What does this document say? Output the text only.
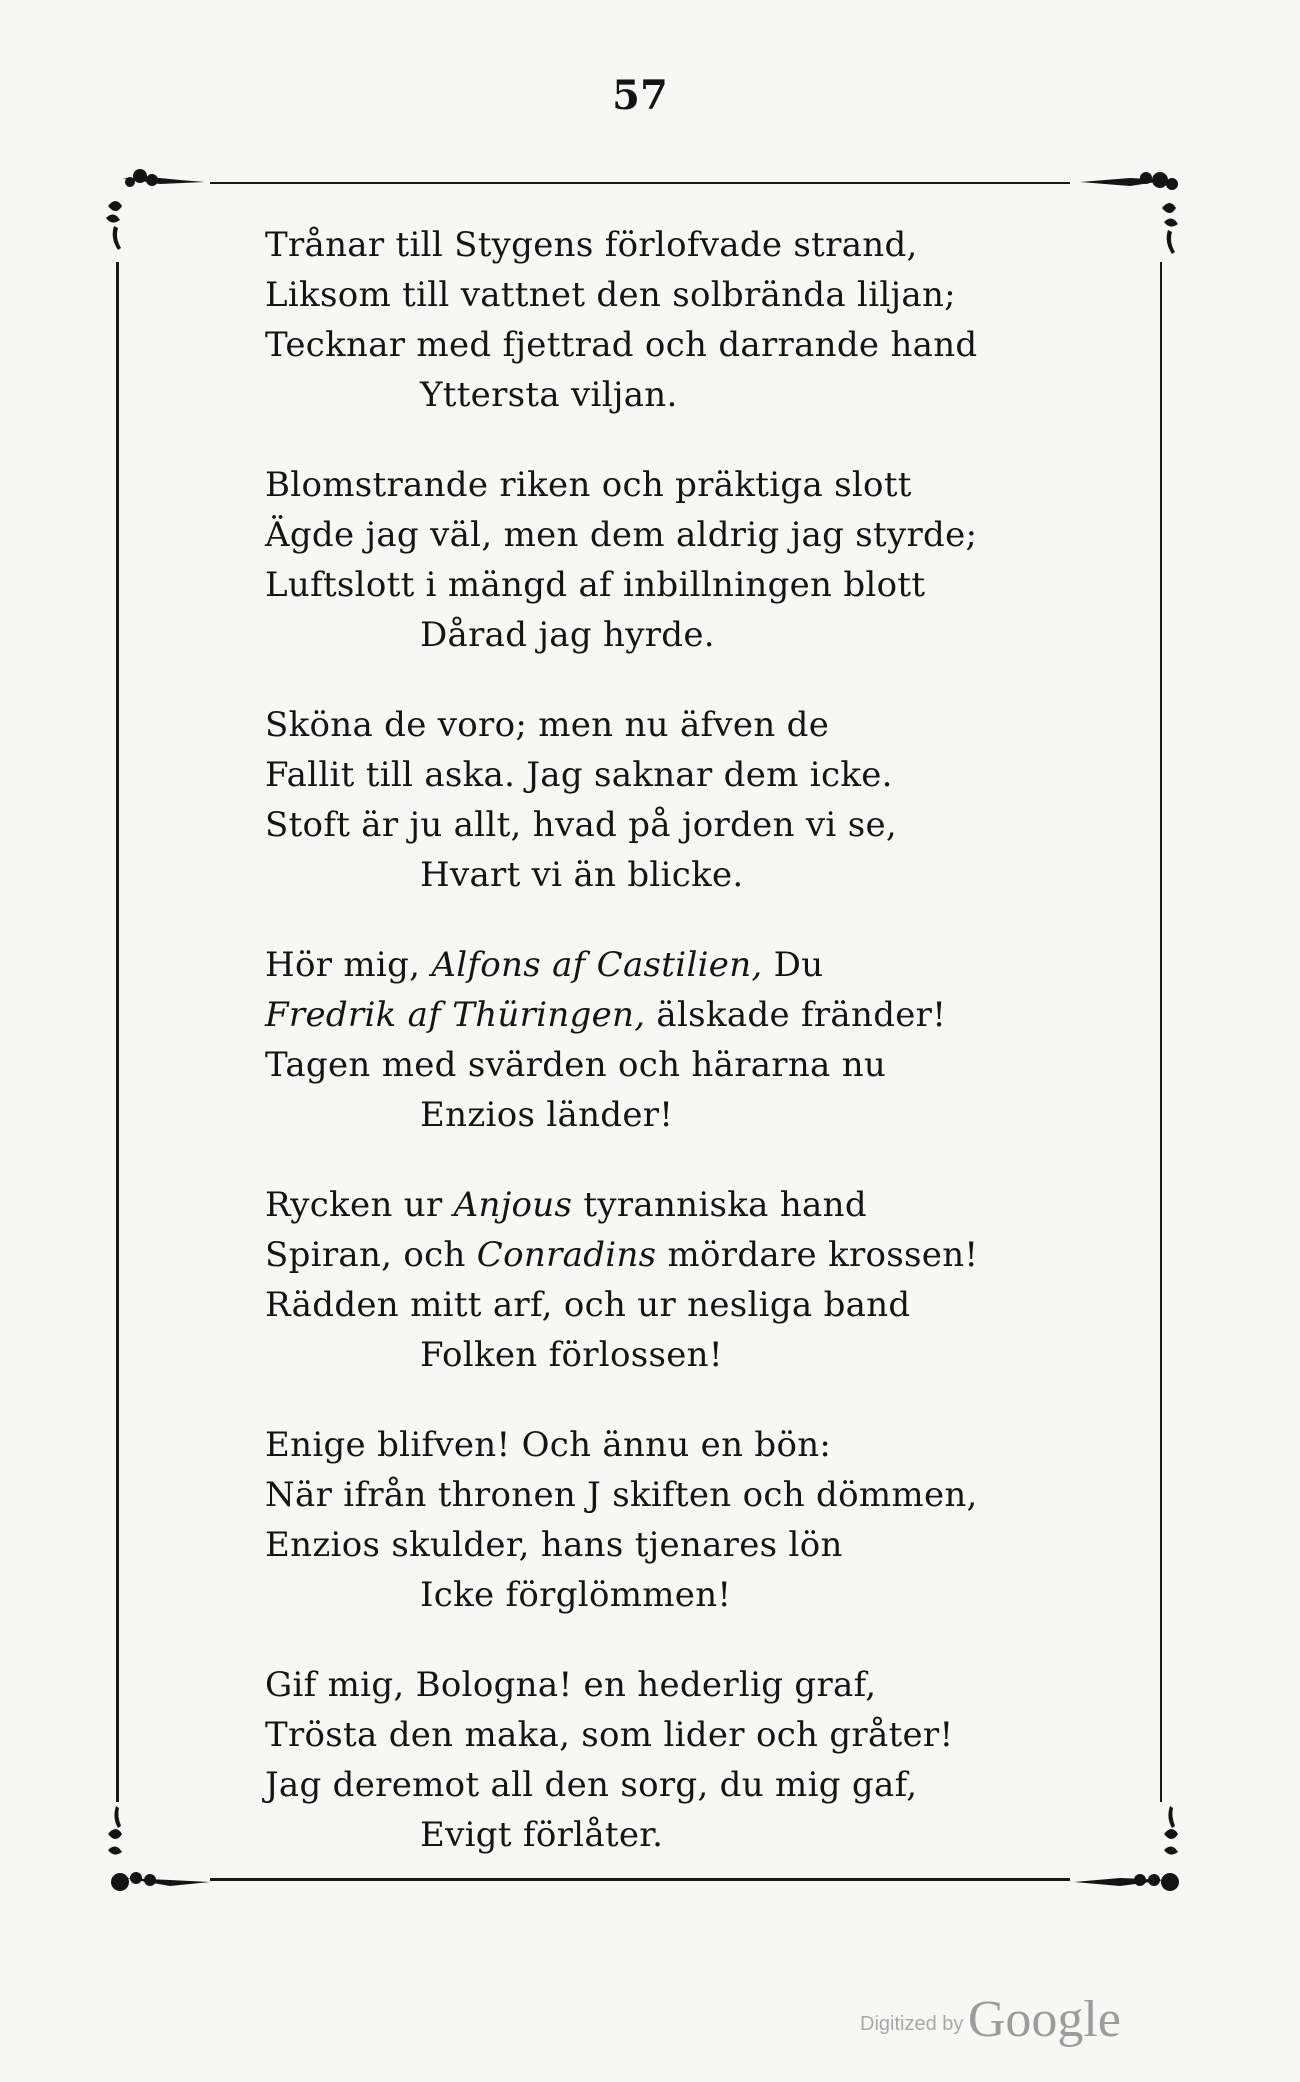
57
Trånar till Stygens förlofvade strand,
Liksom till vattnet den solbrända liljan;
Tecknar med fjettrad och darrande hand
Yttersta viljan.
Blomstrande riken och präktiga slott
Ägde jag väl, men dem aldrig jag styrde;
Luftslott i mängd af inbillningen blott
Dårad jag hyrde.
Sköna de voro; men nu äfven de
Fallit till aska. Jag saknar dem icke.
Stoft är ju allt, hvad på jorden vi se,
Hvart vi än blicke.
Hör mig, Alfons af Castilien, Du
Fredrik af Thüringen, älskade fränder!
Tagen med svärden och härarna nu
Enzios länder!
Rycken ur Anjous tyranniska hand
Spiran, och Conradins mördare krossen!
Rädden mitt arf, och ur nesliga band
Folken förlossen!
Enige blifven! Och ännu en bön:
När ifrån thronen J skiften och dömmen,
Enzios skulder, hans tjenares lön
Icke förglömmen!
Gif mig, Bologna! en hederlig graf,
Trösta den maka, som lider och gråter!
Jag deremot all den sorg, du mig gaf,
Evigt förlåter.
Digitized by Google
